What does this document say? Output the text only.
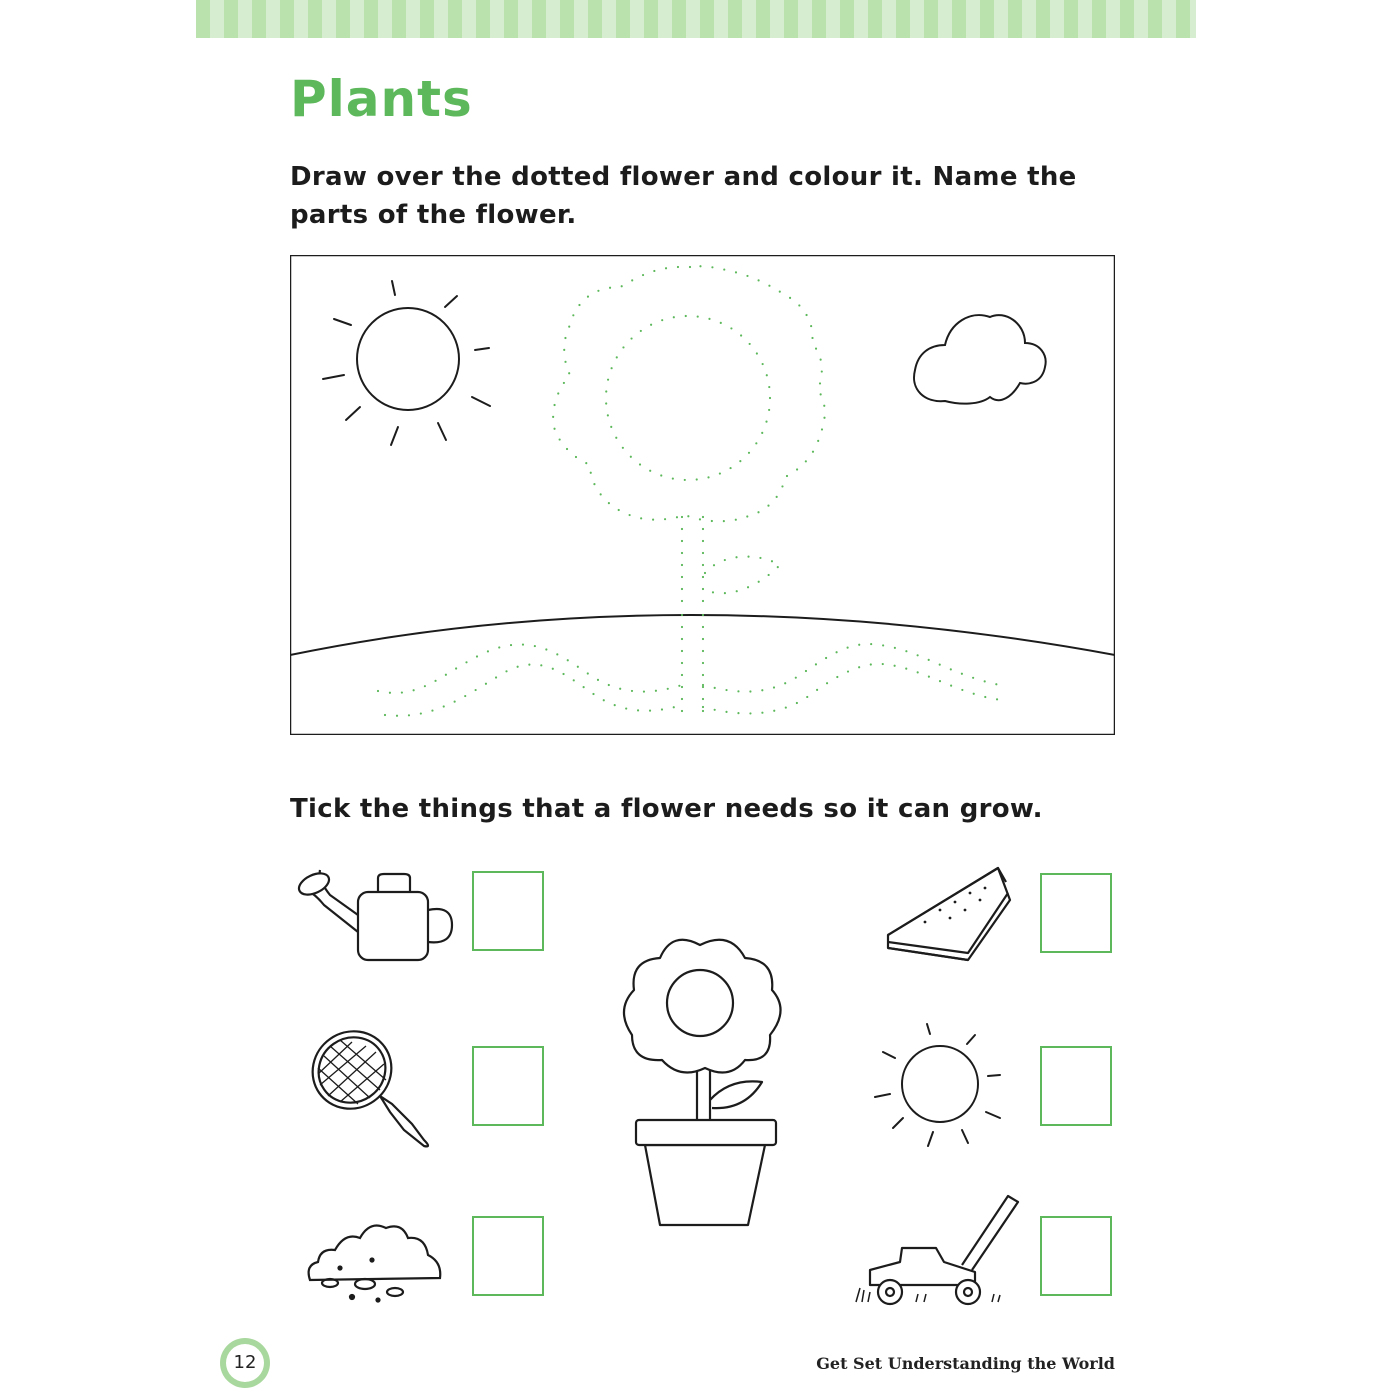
Plants

Draw over the dotted flower and colour it. Name the parts of the flower.

Tick the things that a flower needs so it can grow.

12	Get Set Understanding the World
